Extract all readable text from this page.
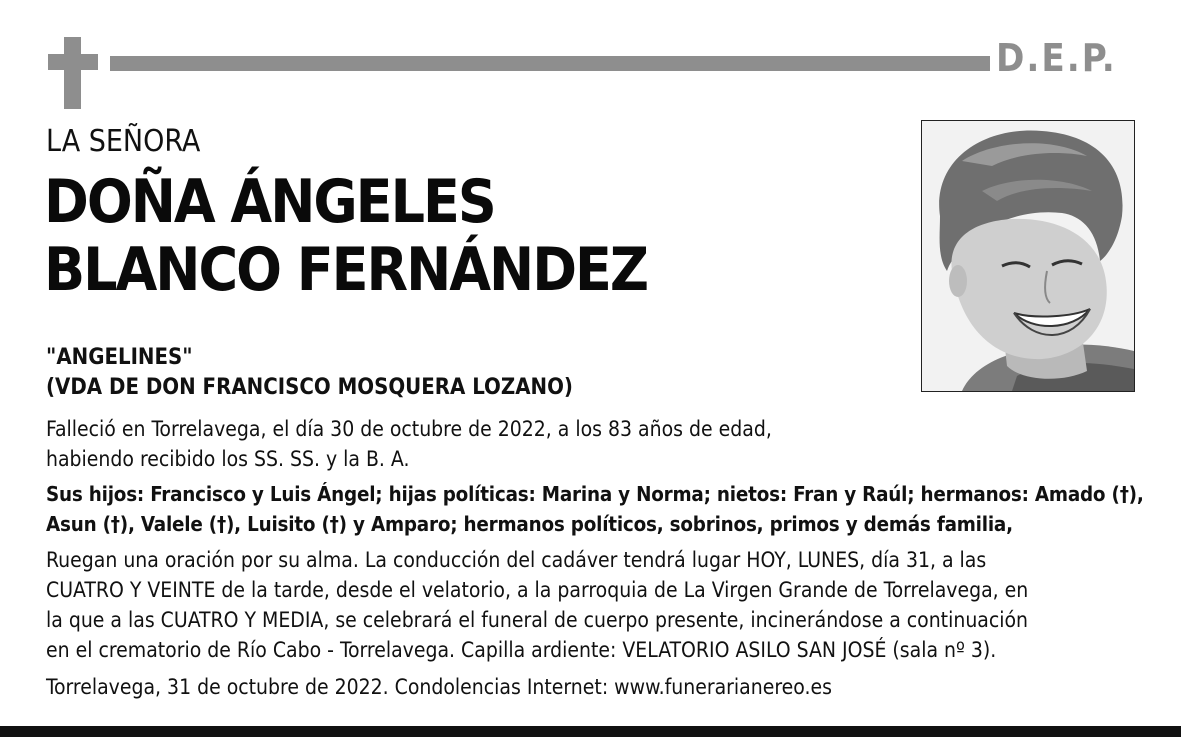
D.E.P.
LA SEÑORA
DOÑA ÁNGELES
BLANCO FERNÁNDEZ
"ANGELINES"
(VDA DE DON FRANCISCO MOSQUERA LOZANO)
Falleció en Torrelavega, el día 30 de octubre de 2022, a los 83 años de edad,
habiendo recibido los SS. SS. y la B. A.
Sus hijos: Francisco y Luis Ángel; hijas políticas: Marina y Norma; nietos: Fran y Raúl; hermanos: Amado (†),
Asun (†), Valele (†), Luisito (†) y Amparo; hermanos políticos, sobrinos, primos y demás familia,
Ruegan una oración por su alma. La conducción del cadáver tendrá lugar HOY, LUNES, día 31, a las
CUATRO Y VEINTE de la tarde, desde el velatorio, a la parroquia de La Virgen Grande de Torrelavega, en
la que a las CUATRO Y MEDIA, se celebrará el funeral de cuerpo presente, incinerándose a continuación
en el crematorio de Río Cabo - Torrelavega. Capilla ardiente: VELATORIO ASILO SAN JOSÉ (sala nº 3).
Torrelavega, 31 de octubre de 2022. Condolencias Internet: www.funerarianereo.es
